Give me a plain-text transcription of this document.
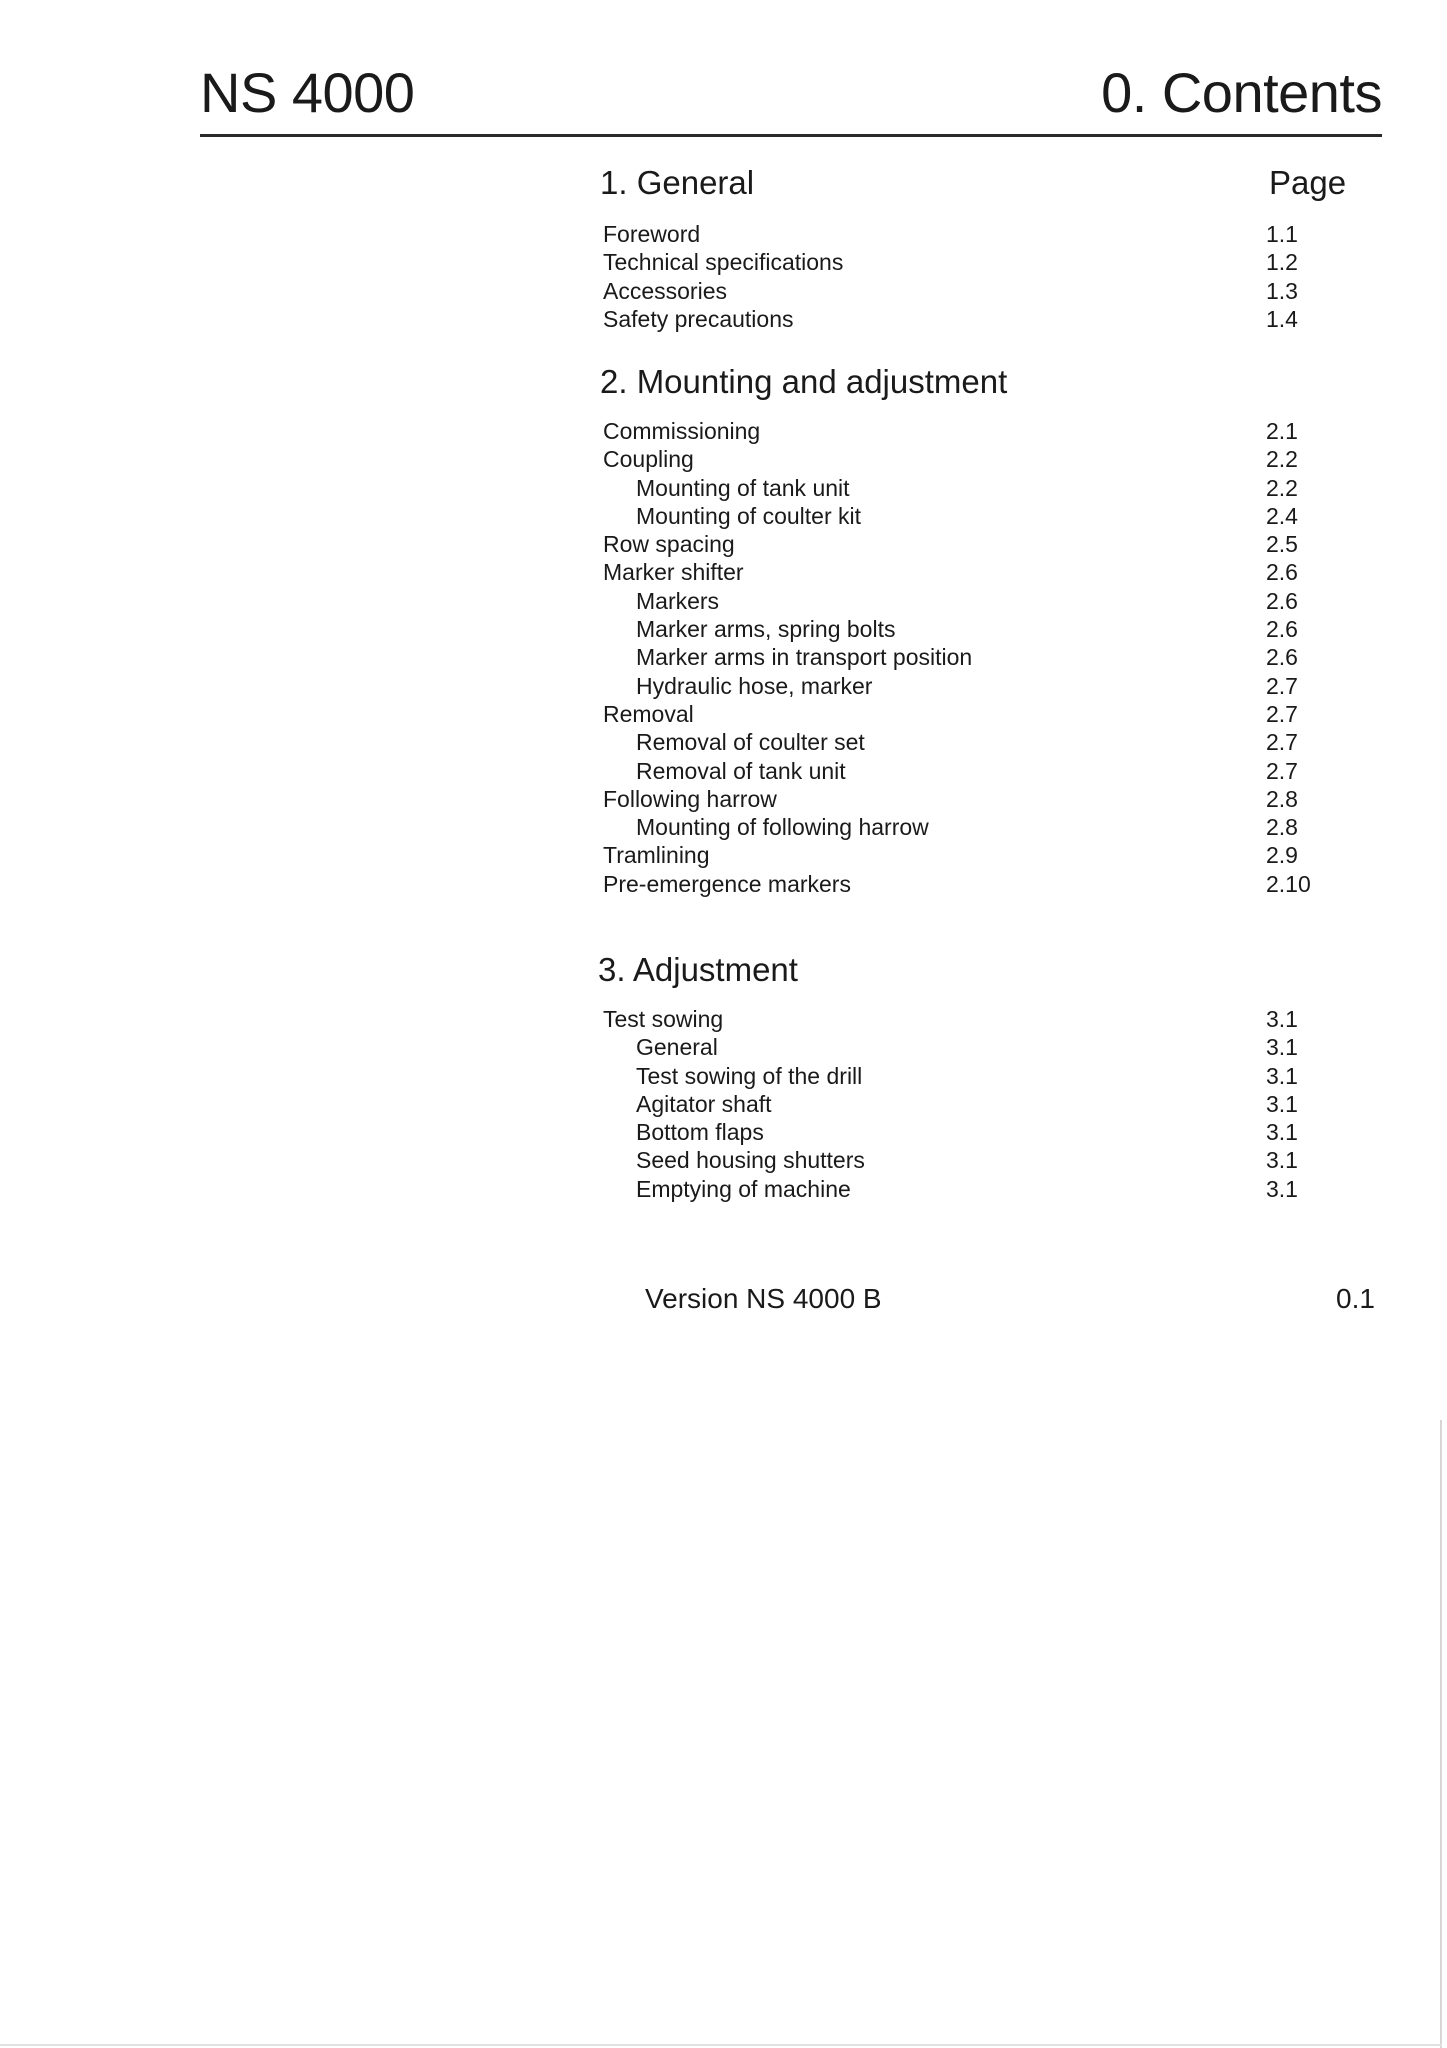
NS 4000	0. Contents
1. General	Page
Foreword	1.1
Technical specifications	1.2
Accessories	1.3
Safety precautions	1.4
2. Mounting and adjustment
Commissioning	2.1
Coupling	2.2
Mounting of tank unit	2.2
Mounting of coulter kit	2.4
Row spacing	2.5
Marker shifter	2.6
Markers	2.6
Marker arms, spring bolts	2.6
Marker arms in transport position	2.6
Hydraulic hose, marker	2.7
Removal	2.7
Removal of coulter set	2.7
Removal of tank unit	2.7
Following harrow	2.8
Mounting of following harrow	2.8
Tramlining	2.9
Pre-emergence markers	2.10
3. Adjustment
Test sowing	3.1
General	3.1
Test sowing of the drill	3.1
Agitator shaft	3.1
Bottom flaps	3.1
Seed housing shutters	3.1
Emptying of machine	3.1
Version NS 4000 B	0.1
